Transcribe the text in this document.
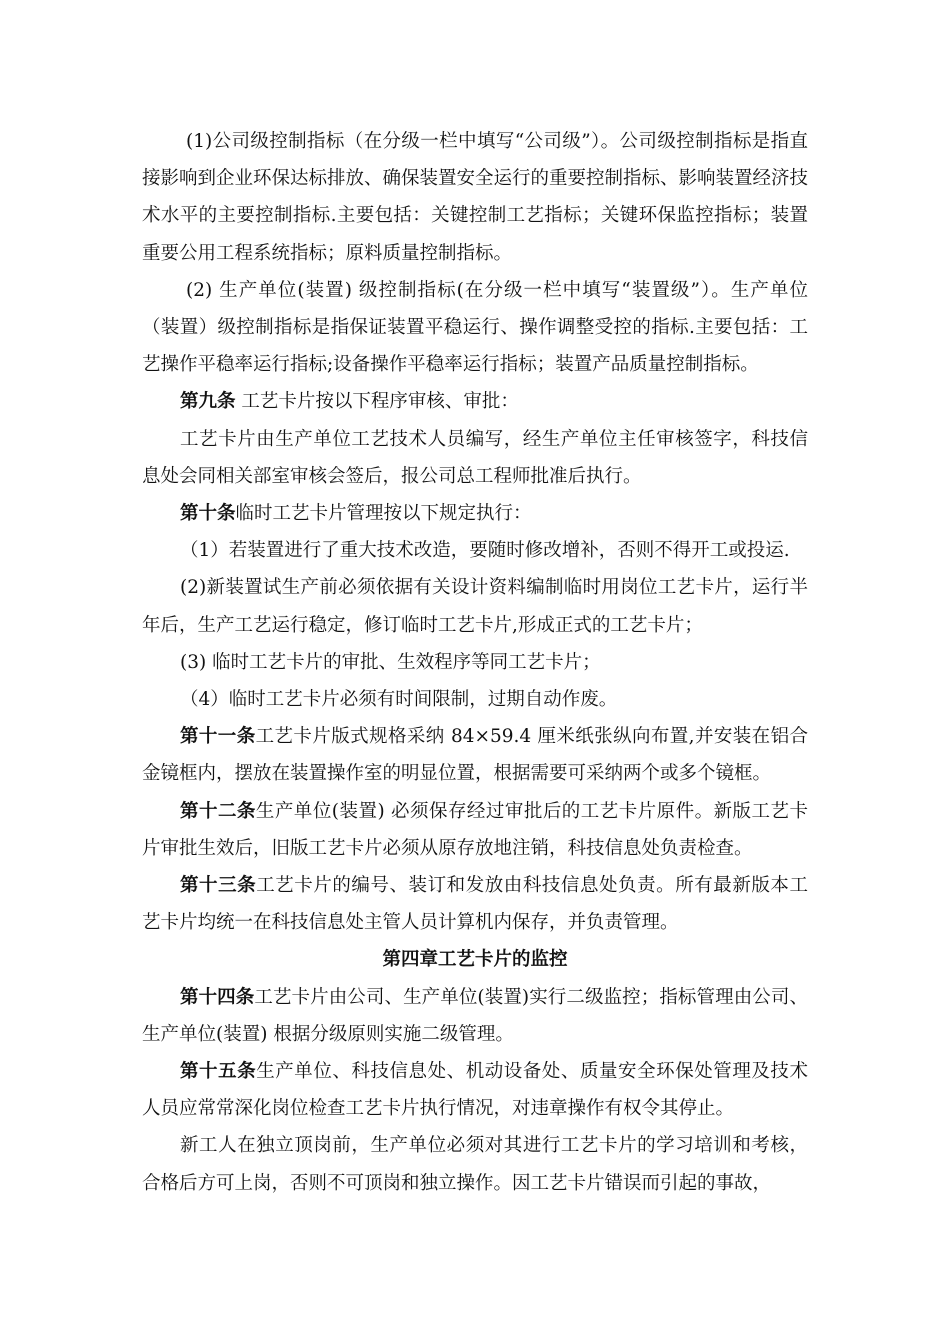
(1)公司级控制指标（在分级一栏中填写“公司级”）。公司级控制指标是指直接影响到企业环保达标排放、确保装置安全运行的重要控制指标、影响装置经济技术水平的主要控制指标.主要包括：关键控制工艺指标；关键环保监控指标；装置重要公用工程系统指标；原料质量控制指标。

(2) 生产单位(装置) 级控制指标(在分级一栏中填写“装置级”）。生产单位（装置）级控制指标是指保证装置平稳运行、操作调整受控的指标.主要包括：工艺操作平稳率运行指标;设备操作平稳率运行指标；装置产品质量控制指标。

第九条 工艺卡片按以下程序审核、审批：

工艺卡片由生产单位工艺技术人员编写，经生产单位主任审核签字，科技信息处会同相关部室审核会签后，报公司总工程师批准后执行。

第十条临时工艺卡片管理按以下规定执行：

（1）若装置进行了重大技术改造，要随时修改增补，否则不得开工或投运.

(2)新装置试生产前必须依据有关设计资料编制临时用岗位工艺卡片，运行半年后，生产工艺运行稳定，修订临时工艺卡片,形成正式的工艺卡片；

(3) 临时工艺卡片的审批、生效程序等同工艺卡片；

（4）临时工艺卡片必须有时间限制，过期自动作废。

第十一条工艺卡片版式规格采纳 84×59.4 厘米纸张纵向布置,并安装在铝合金镜框内，摆放在装置操作室的明显位置，根据需要可采纳两个或多个镜框。

第十二条生产单位(装置) 必须保存经过审批后的工艺卡片原件。新版工艺卡片审批生效后，旧版工艺卡片必须从原存放地注销，科技信息处负责检查。

第十三条工艺卡片的编号、装订和发放由科技信息处负责。所有最新版本工艺卡片均统一在科技信息处主管人员计算机内保存，并负责管理。

第四章工艺卡片的监控

第十四条工艺卡片由公司、生产单位(装置)实行二级监控；指标管理由公司、生产单位(装置) 根据分级原则实施二级管理。

第十五条生产单位、科技信息处、机动设备处、质量安全环保处管理及技术人员应常常深化岗位检查工艺卡片执行情况，对违章操作有权令其停止。

新工人在独立顶岗前，生产单位必须对其进行工艺卡片的学习培训和考核，合格后方可上岗，否则不可顶岗和独立操作。因工艺卡片错误而引起的事故，
